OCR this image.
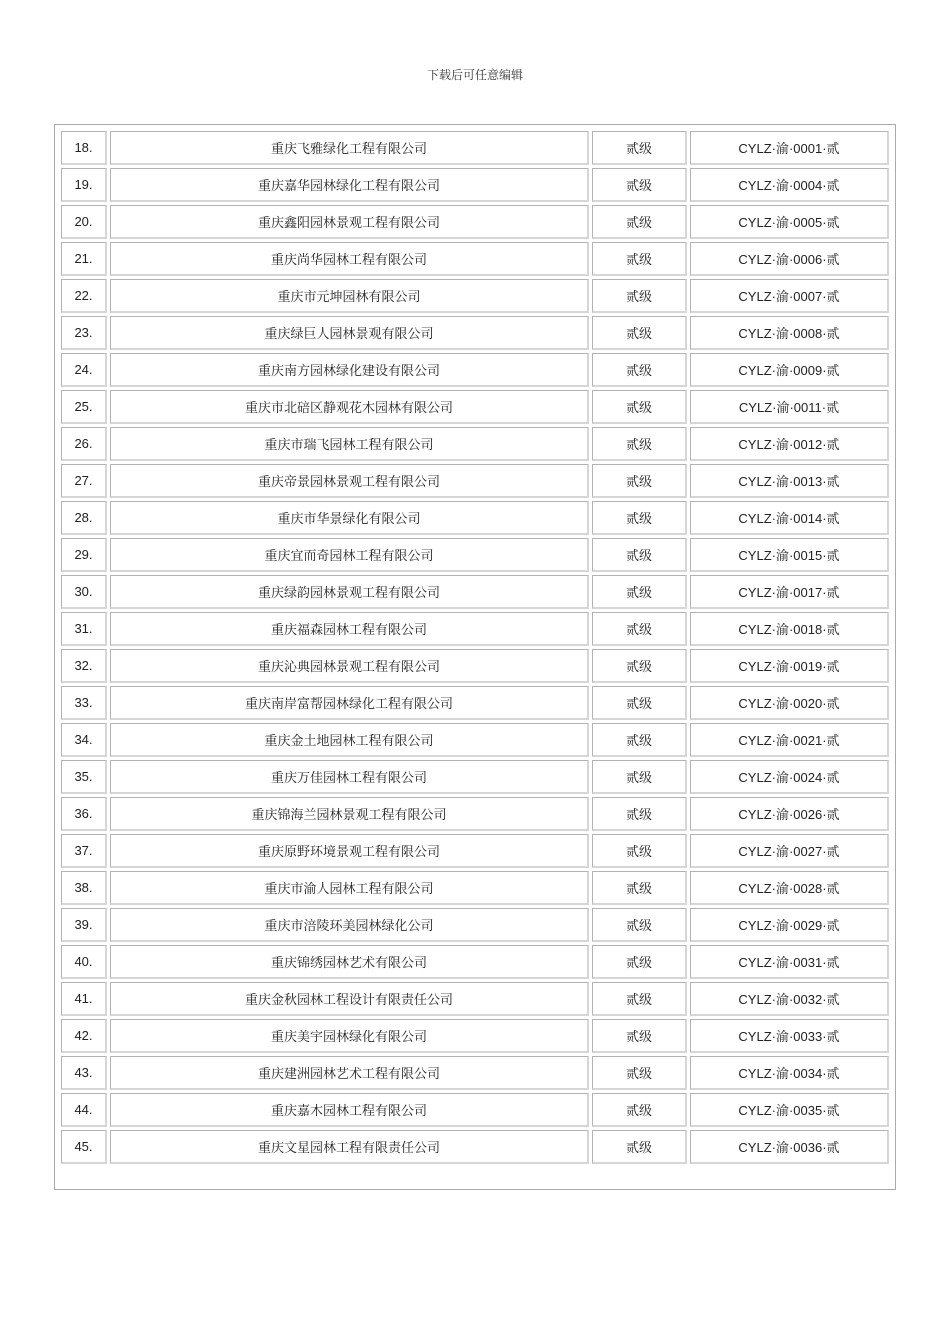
下载后可任意编辑
18.	重庆飞雅绿化工程有限公司	贰级	CYLZ·渝·0001·贰
19.	重庆嘉华园林绿化工程有限公司	贰级	CYLZ·渝·0004·贰
20.	重庆鑫阳园林景观工程有限公司	贰级	CYLZ·渝·0005·贰
21.	重庆尚华园林工程有限公司	贰级	CYLZ·渝·0006·贰
22.	重庆市元坤园林有限公司	贰级	CYLZ·渝·0007·贰
23.	重庆绿巨人园林景观有限公司	贰级	CYLZ·渝·0008·贰
24.	重庆南方园林绿化建设有限公司	贰级	CYLZ·渝·0009·贰
25.	重庆市北碚区静观花木园林有限公司	贰级	CYLZ·渝·0011·贰
26.	重庆市瑞飞园林工程有限公司	贰级	CYLZ·渝·0012·贰
27.	重庆帝景园林景观工程有限公司	贰级	CYLZ·渝·0013·贰
28.	重庆市华景绿化有限公司	贰级	CYLZ·渝·0014·贰
29.	重庆宜而奇园林工程有限公司	贰级	CYLZ·渝·0015·贰
30.	重庆绿韵园林景观工程有限公司	贰级	CYLZ·渝·0017·贰
31.	重庆福森园林工程有限公司	贰级	CYLZ·渝·0018·贰
32.	重庆沁典园林景观工程有限公司	贰级	CYLZ·渝·0019·贰
33.	重庆南岸富帮园林绿化工程有限公司	贰级	CYLZ·渝·0020·贰
34.	重庆金土地园林工程有限公司	贰级	CYLZ·渝·0021·贰
35.	重庆万佳园林工程有限公司	贰级	CYLZ·渝·0024·贰
36.	重庆锦海兰园林景观工程有限公司	贰级	CYLZ·渝·0026·贰
37.	重庆原野环境景观工程有限公司	贰级	CYLZ·渝·0027·贰
38.	重庆市渝人园林工程有限公司	贰级	CYLZ·渝·0028·贰
39.	重庆市涪陵环美园林绿化公司	贰级	CYLZ·渝·0029·贰
40.	重庆锦绣园林艺术有限公司	贰级	CYLZ·渝·0031·贰
41.	重庆金秋园林工程设计有限责任公司	贰级	CYLZ·渝·0032·贰
42.	重庆美宇园林绿化有限公司	贰级	CYLZ·渝·0033·贰
43.	重庆建洲园林艺术工程有限公司	贰级	CYLZ·渝·0034·贰
44.	重庆嘉木园林工程有限公司	贰级	CYLZ·渝·0035·贰
45.	重庆文星园林工程有限责任公司	贰级	CYLZ·渝·0036·贰
